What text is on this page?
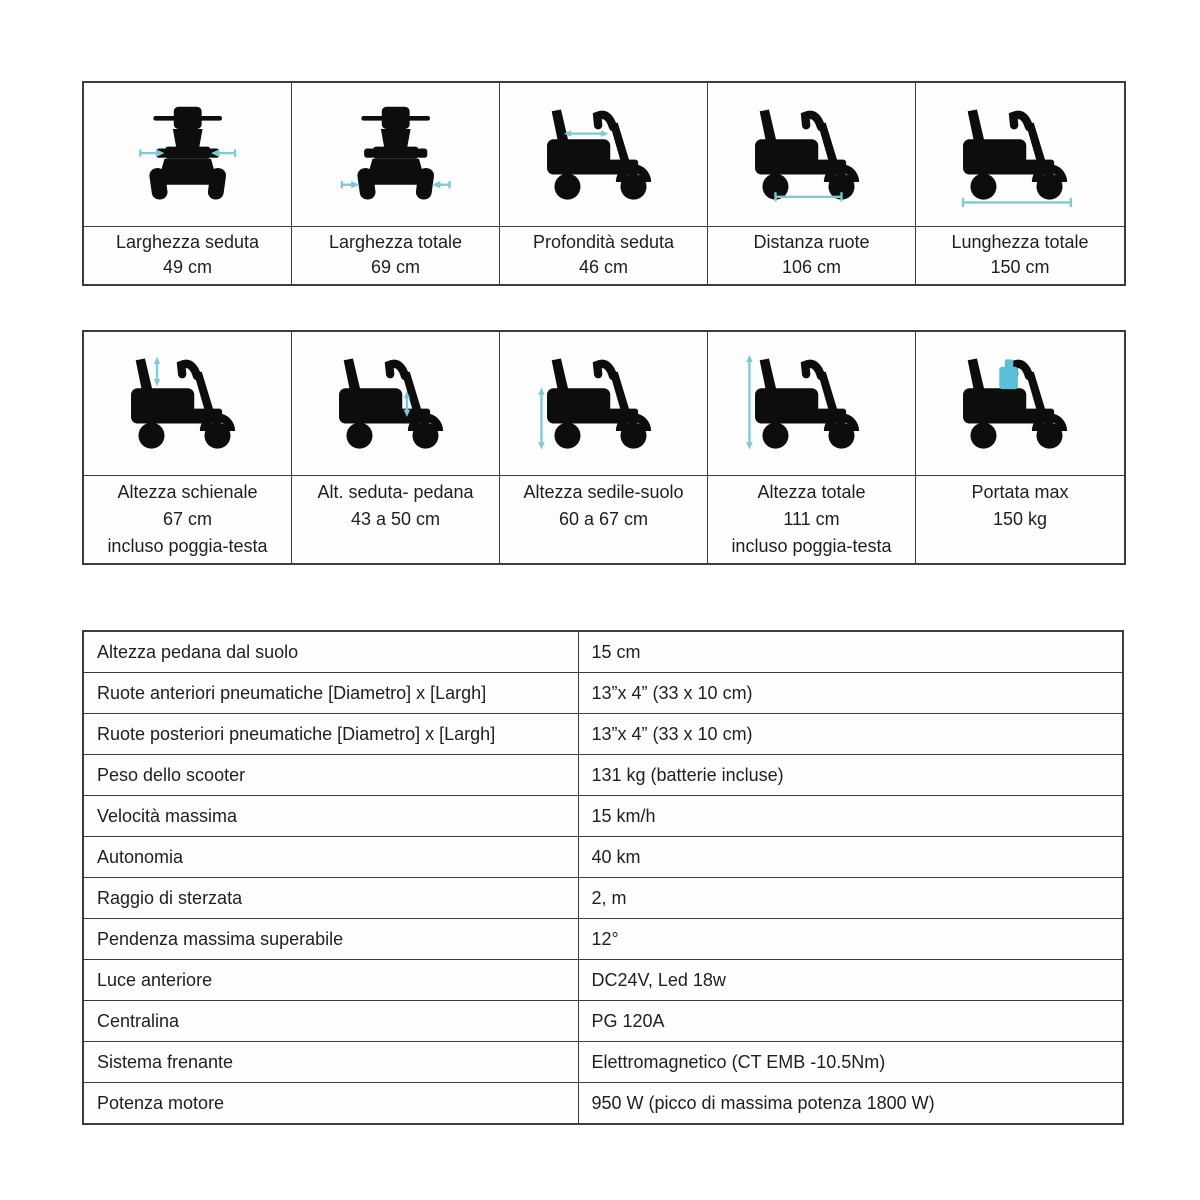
Larghezza seduta
49 cm
Larghezza totale
69 cm
Profondità seduta
46 cm
Distanza ruote
106 cm
Lunghezza totale
150 cm
Altezza schienale
67 cm
incluso poggia-testa
Alt. seduta- pedana
43 a 50 cm
Altezza sedile-suolo
60 a 67 cm
Altezza totale
111 cm
incluso poggia-testa
Portata max
150 kg
Altezza pedana dal suolo	15 cm
Ruote anteriori pneumatiche [Diametro] x [Largh]	13”x 4” (33 x 10 cm)
Ruote posteriori pneumatiche [Diametro] x [Largh]	13”x 4” (33 x 10 cm)
Peso dello scooter	131 kg (batterie incluse)
Velocità massima	15 km/h
Autonomia	40 km
Raggio di sterzata	2, m
Pendenza massima superabile	12°
Luce anteriore	DC24V, Led 18w
Centralina	PG 120A
Sistema frenante	Elettromagnetico (CT EMB -10.5Nm)
Potenza motore	950 W (picco di massima potenza 1800 W)
